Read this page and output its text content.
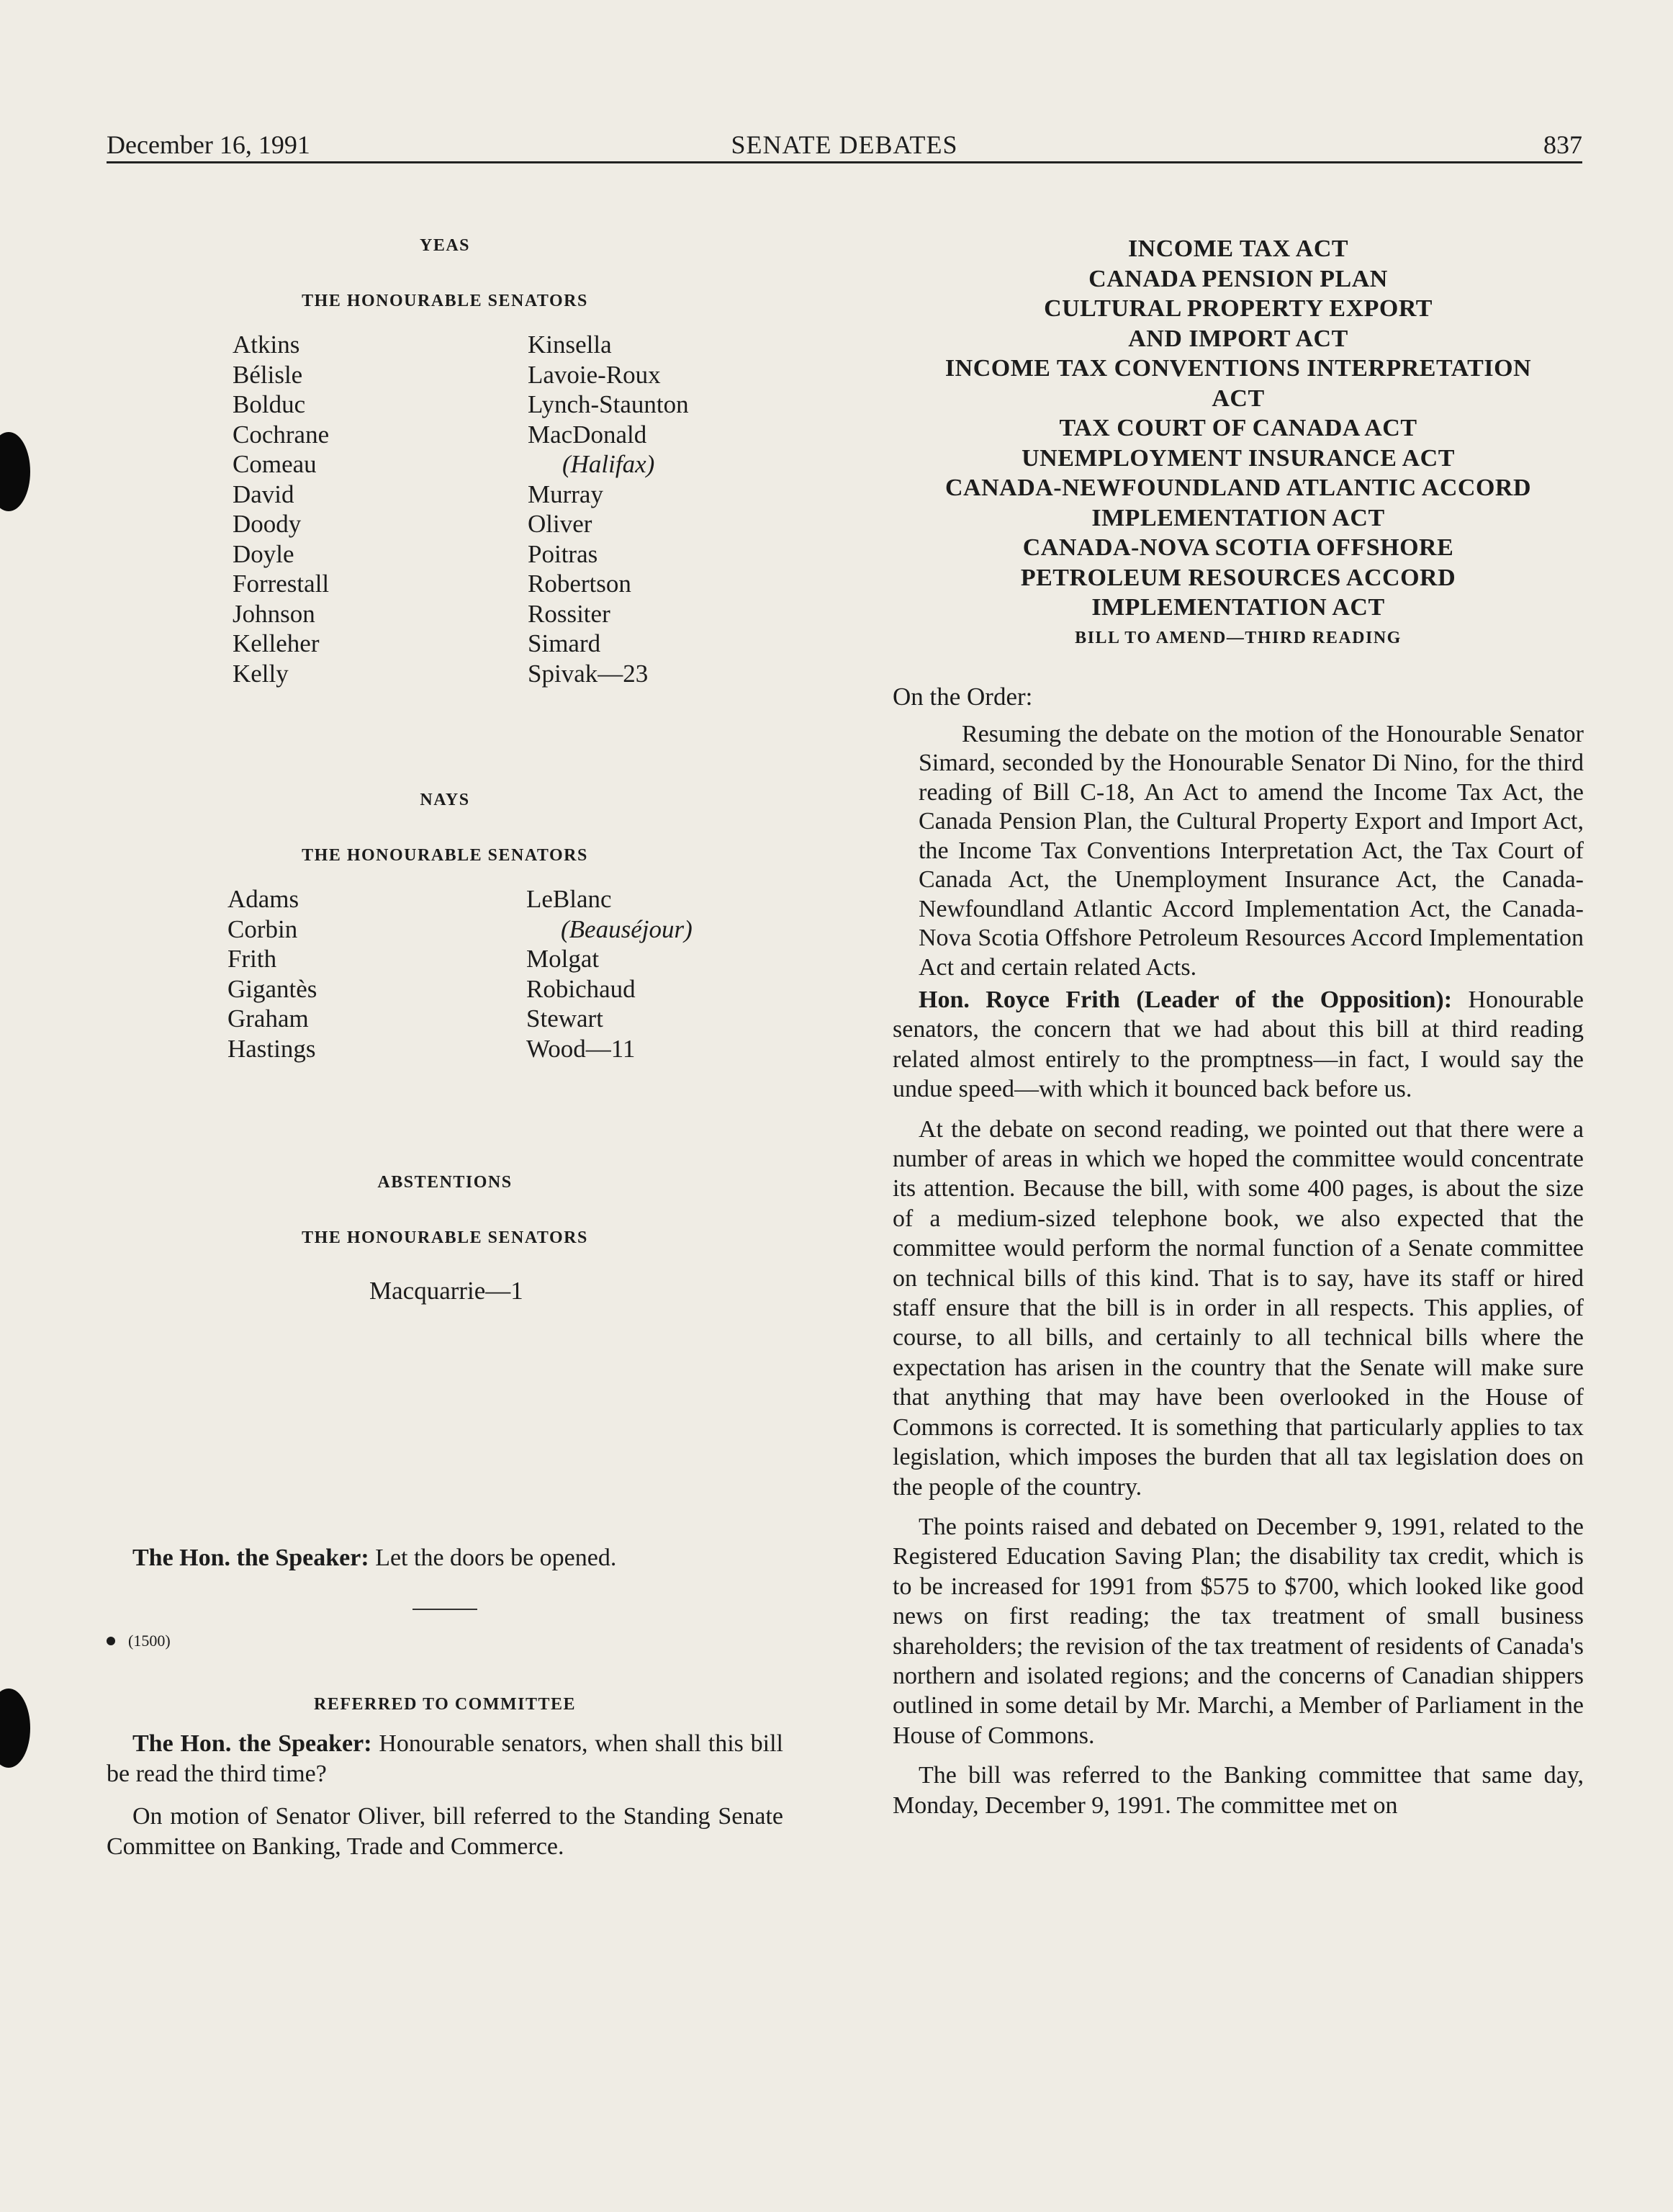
December 16, 1991	SENATE DEBATES	837
YEAS
THE HONOURABLE SENATORS
Atkins
Bélisle
Bolduc
Cochrane
Comeau
David
Doody
Doyle
Forrestall
Johnson
Kelleher
Kelly
Kinsella
Lavoie-Roux
Lynch-Staunton
MacDonald
(Halifax)
Murray
Oliver
Poitras
Robertson
Rossiter
Simard
Spivak—23
NAYS
THE HONOURABLE SENATORS
Adams
Corbin
Frith
Gigantès
Graham
Hastings
LeBlanc
(Beauséjour)
Molgat
Robichaud
Stewart
Wood—11
ABSTENTIONS
THE HONOURABLE SENATORS
Macquarrie—1

The Hon. the Speaker: Let the doors be opened.

(1500)
REFERRED TO COMMITTEE

The Hon. the Speaker: Honourable senators, when shall this bill be read the third time?

On motion of Senator Oliver, bill referred to the Standing Senate Committee on Banking, Trade and Commerce.

INCOME TAX ACT
CANADA PENSION PLAN
CULTURAL PROPERTY EXPORT
AND IMPORT ACT
INCOME TAX CONVENTIONS INTERPRETATION
ACT
TAX COURT OF CANADA ACT
UNEMPLOYMENT INSURANCE ACT
CANADA-NEWFOUNDLAND ATLANTIC ACCORD
IMPLEMENTATION ACT
CANADA-NOVA SCOTIA OFFSHORE
PETROLEUM RESOURCES ACCORD
IMPLEMENTATION ACT
BILL TO AMEND—THIRD READING

On the Order:

Resuming the debate on the motion of the Honourable Senator Simard, seconded by the Honourable Senator Di Nino, for the third reading of Bill C-18, An Act to amend the Income Tax Act, the Canada Pension Plan, the Cultural Property Export and Import Act, the Income Tax Conventions Interpretation Act, the Tax Court of Canada Act, the Unemployment Insurance Act, the Canada-Newfoundland Atlantic Accord Implementation Act, the Canada-Nova Scotia Offshore Petroleum Resources Accord Implementation Act and certain related Acts.

Hon. Royce Frith (Leader of the Opposition): Honourable senators, the concern that we had about this bill at third reading related almost entirely to the promptness—in fact, I would say the undue speed—with which it bounced back before us.

At the debate on second reading, we pointed out that there were a number of areas in which we hoped the committee would concentrate its attention. Because the bill, with some 400 pages, is about the size of a medium-sized telephone book, we also expected that the committee would perform the normal function of a Senate committee on technical bills of this kind. That is to say, have its staff or hired staff ensure that the bill is in order in all respects. This applies, of course, to all bills, and certainly to all technical bills where the expectation has arisen in the country that the Senate will make sure that anything that may have been overlooked in the House of Commons is corrected. It is something that particularly applies to tax legislation, which imposes the burden that all tax legislation does on the people of the country.

The points raised and debated on December 9, 1991, related to the Registered Education Saving Plan; the disability tax credit, which is to be increased for 1991 from $575 to $700, which looked like good news on first reading; the tax treatment of small business shareholders; the revision of the tax treatment of residents of Canada's northern and isolated regions; and the concerns of Canadian shippers outlined in some detail by Mr. Marchi, a Member of Parliament in the House of Commons.

The bill was referred to the Banking committee that same day, Monday, December 9, 1991. The committee met on
